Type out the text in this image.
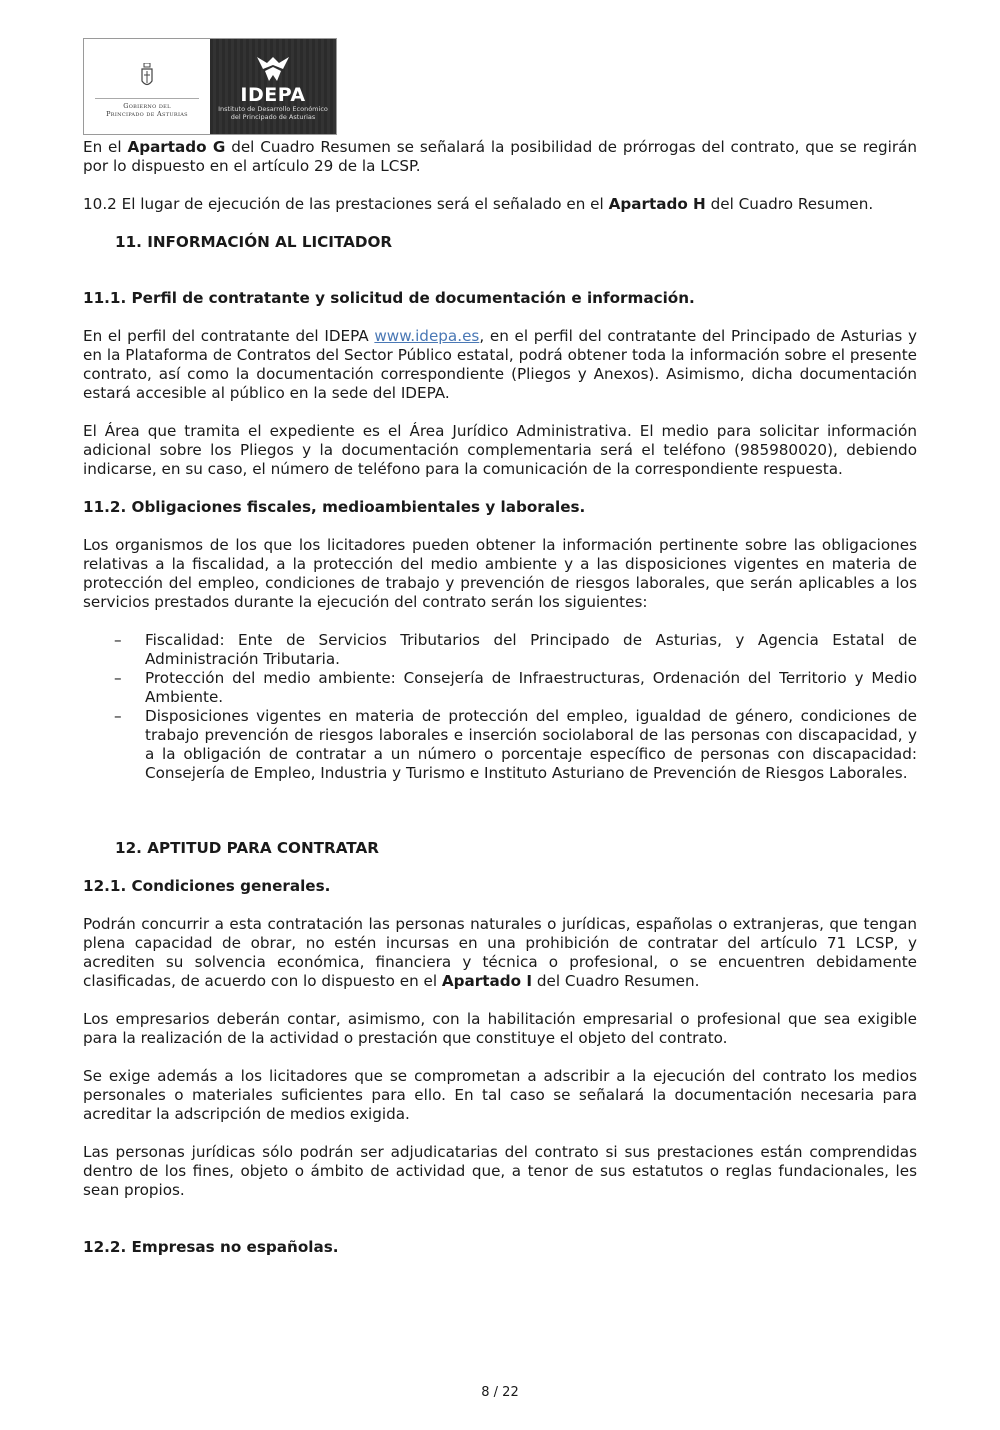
Gobierno del
Principado de Asturias
IDEPA
Instituto de Desarrollo Económico
del Principado de Asturias

En el Apartado G del Cuadro Resumen se señalará la posibilidad de prórrogas del contrato, que se regirán por lo dispuesto en el artículo 29 de la LCSP.

10.2 El lugar de ejecución de las prestaciones será el señalado en el Apartado H del Cuadro Resumen.

11. INFORMACIÓN AL LICITADOR
11.1. Perfil de contratante y solicitud de documentación e información.

En el perfil del contratante del IDEPA www.idepa.es, en el perfil del contratante del Principado de Asturias y en la Plataforma de Contratos del Sector Público estatal, podrá obtener toda la información sobre el presente contrato, así como la documentación correspondiente (Pliegos y Anexos). Asimismo, dicha documentación estará accesible al público en la sede del IDEPA.

El Área que tramita el expediente es el Área Jurídico Administrativa. El medio para solicitar información adicional sobre los Pliegos y la documentación complementaria será el teléfono (985980020), debiendo indicarse, en su caso, el número de teléfono para la comunicación de la correspondiente respuesta.

11.2. Obligaciones fiscales, medioambientales y laborales.

Los organismos de los que los licitadores pueden obtener la información pertinente sobre las obligaciones relativas a la fiscalidad, a la protección del medio ambiente y a las disposiciones vigentes en materia de protección del empleo, condiciones de trabajo y prevención de riesgos laborales, que serán aplicables a los servicios prestados durante la ejecución del contrato serán los siguientes:

– Fiscalidad: Ente de Servicios Tributarios del Principado de Asturias, y Agencia Estatal de Administración Tributaria.

– Protección del medio ambiente: Consejería de Infraestructuras, Ordenación del Territorio y Medio Ambiente.

– Disposiciones vigentes en materia de protección del empleo, igualdad de género, condiciones de trabajo prevención de riesgos laborales e inserción sociolaboral de las personas con discapacidad, y a la obligación de contratar a un número o porcentaje específico de personas con discapacidad: Consejería de Empleo, Industria y Turismo e Instituto Asturiano de Prevención de Riesgos Laborales.

12. APTITUD PARA CONTRATAR
12.1. Condiciones generales.

Podrán concurrir a esta contratación las personas naturales o jurídicas, españolas o extranjeras, que tengan plena capacidad de obrar, no estén incursas en una prohibición de contratar del artículo 71 LCSP, y acrediten su solvencia económica, financiera y técnica o profesional, o se encuentren debidamente clasificadas, de acuerdo con lo dispuesto en el Apartado I del Cuadro Resumen.

Los empresarios deberán contar, asimismo, con la habilitación empresarial o profesional que sea exigible para la realización de la actividad o prestación que constituye el objeto del contrato.

Se exige además a los licitadores que se comprometan a adscribir a la ejecución del contrato los medios personales o materiales suficientes para ello. En tal caso se señalará la documentación necesaria para acreditar la adscripción de medios exigida.

Las personas jurídicas sólo podrán ser adjudicatarias del contrato si sus prestaciones están comprendidas dentro de los fines, objeto o ámbito de actividad que, a tenor de sus estatutos o reglas fundacionales, les sean propios.

12.2. Empresas no españolas.
8 / 22
